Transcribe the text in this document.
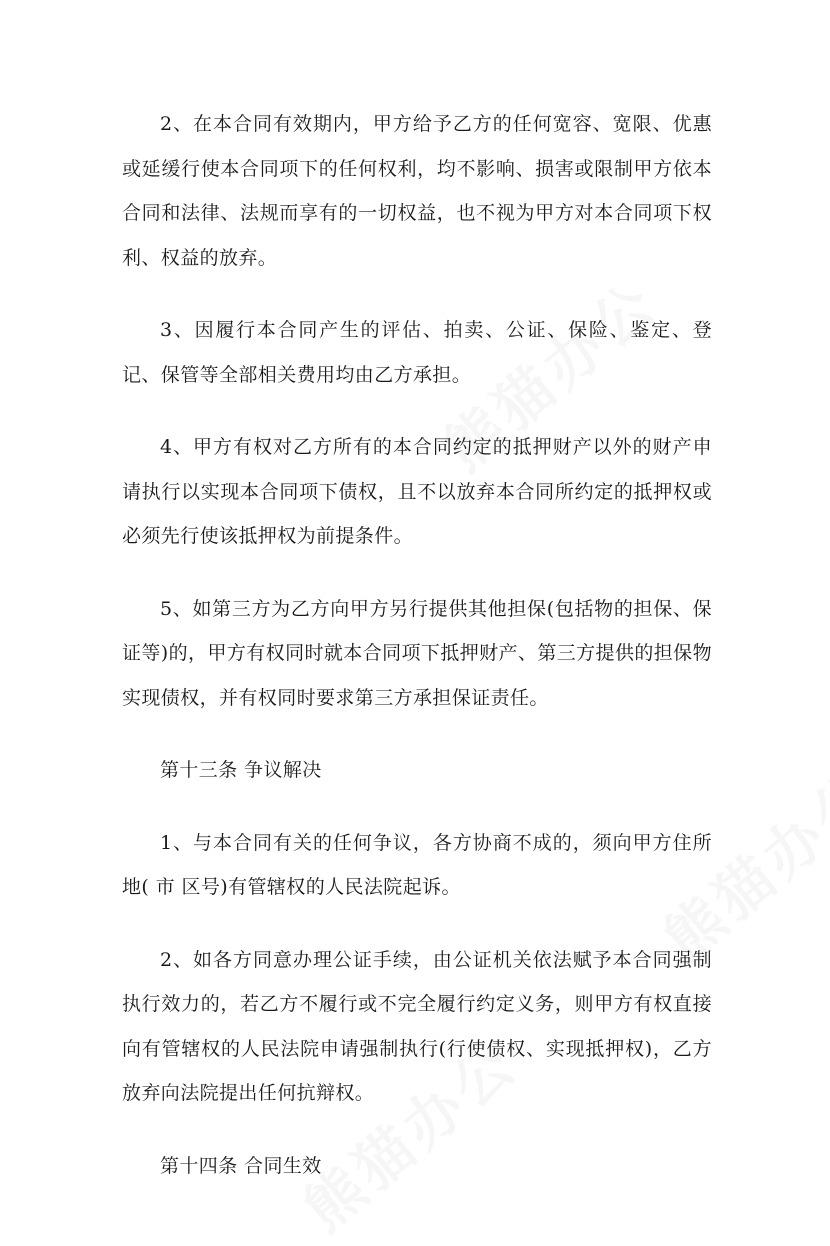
2、在本合同有效期内，甲方给予乙方的任何宽容、宽限、优惠或延缓行使本合同项下的任何权利，均不影响、损害或限制甲方依本合同和法律、法规而享有的一切权益，也不视为甲方对本合同项下权利、权益的放弃。

3、因履行本合同产生的评估、拍卖、公证、保险、鉴定、登记、保管等全部相关费用均由乙方承担。

4、甲方有权对乙方所有的本合同约定的抵押财产以外的财产申请执行以实现本合同项下债权，且不以放弃本合同所约定的抵押权或必须先行使该抵押权为前提条件。

5、如第三方为乙方向甲方另行提供其他担保(包括物的担保、保证等)的，甲方有权同时就本合同项下抵押财产、第三方提供的担保物实现债权，并有权同时要求第三方承担保证责任。

第十三条 争议解决

1、与本合同有关的任何争议，各方协商不成的，须向甲方住所地( 市 区号)有管辖权的人民法院起诉。

2、如各方同意办理公证手续，由公证机关依法赋予本合同强制执行效力的，若乙方不履行或不完全履行约定义务，则甲方有权直接向有管辖权的人民法院申请强制执行(行使债权、实现抵押权)，乙方放弃向法院提出任何抗辩权。

第十四条 合同生效
